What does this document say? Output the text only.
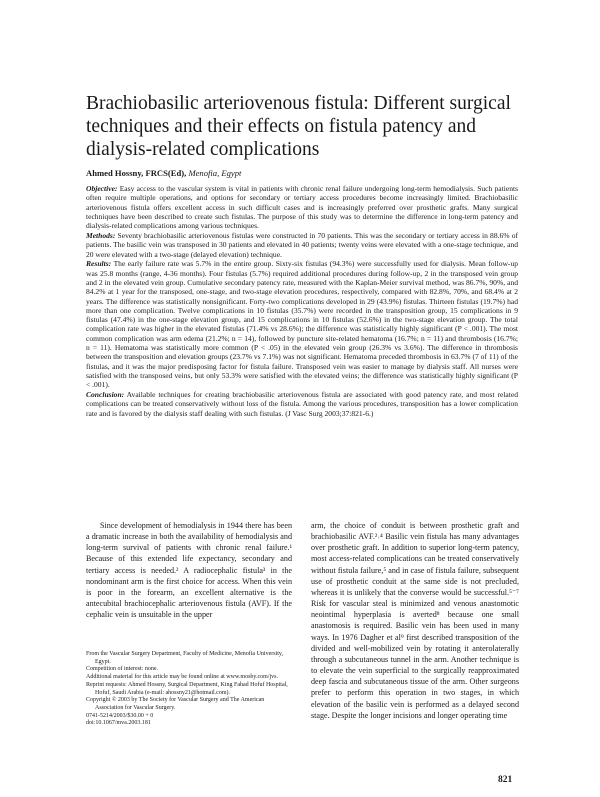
Brachiobasilic arteriovenous fistula: Different surgical techniques and their effects on fistula patency and dialysis-related complications
Ahmed Hossny, FRCS(Ed), Menofia, Egypt

Objective: Easy access to the vascular system is vital in patients with chronic renal failure undergoing long-term hemodialysis. Such patients often require multiple operations, and options for secondary or tertiary access procedures become increasingly limited. Brachiobasilic arteriovenous fistula offers excellent access in such difficult cases and is increasingly preferred over prosthetic grafts. Many surgical techniques have been described to create such fistulas. The purpose of this study was to determine the difference in long-term patency and dialysis-related complications among various techniques.

Methods: Seventy brachiobasilic arteriovenous fistulas were constructed in 70 patients. This was the secondary or tertiary access in 88.6% of patients. The basilic vein was transposed in 30 patients and elevated in 40 patients; twenty veins were elevated with a one-stage technique, and 20 were elevated with a two-stage (delayed elevation) technique.

Results: The early failure rate was 5.7% in the entire group. Sixty-six fistulas (94.3%) were successfully used for dialysis. Mean follow-up was 25.8 months (range, 4-36 months). Four fistulas (5.7%) required additional procedures during follow-up, 2 in the transposed vein group and 2 in the elevated vein group. Cumulative secondary patency rate, measured with the Kaplan-Meier survival method, was 86.7%, 90%, and 84.2% at 1 year for the transposed, one-stage, and two-stage elevation procedures, respectively, compared with 82.8%, 70%, and 68.4% at 2 years. The difference was statistically nonsignificant. Forty-two complications developed in 29 (43.9%) fistulas. Thirteen fistulas (19.7%) had more than one complication. Twelve complications in 10 fistulas (35.7%) were recorded in the transposition group, 15 complications in 9 fistulas (47.4%) in the one-stage elevation group, and 15 complications in 10 fistulas (52.6%) in the two-stage elevation group. The total complication rate was higher in the elevated fistulas (71.4% vs 28.6%); the difference was statistically highly significant (P < .001). The most common complication was arm edema (21.2%; n = 14), followed by puncture site-related hematoma (16.7%; n = 11) and thrombosis (16.7%; n = 11). Hematoma was statistically more common (P < .05) in the elevated vein group (26.3% vs 3.6%). The difference in thrombosis between the transposition and elevation groups (23.7% vs 7.1%) was not significant. Hematoma preceded thrombosis in 63.7% (7 of 11) of the fistulas, and it was the major predisposing factor for fistula failure. Transposed vein was easier to manage by dialysis staff. All nurses were satisfied with the transposed veins, but only 53.3% were satisfied with the elevated veins; the difference was statistically highly significant (P < .001).

Conclusion: Available techniques for creating brachiobasilic arteriovenous fistula are associated with good patency rate, and most related complications can be treated conservatively without loss of the fistula. Among the various procedures, transposition has a lower complication rate and is favored by the dialysis staff dealing with such fistulas. (J Vasc Surg 2003;37:821-6.)

Since development of hemodialysis in 1944 there has been a dramatic increase in both the availability of hemodialysis and long-term survival of patients with chronic renal failure.¹ Because of this extended life expectancy, secondary and tertiary access is needed.² A radiocephalic fistula³ in the nondominant arm is the first choice for access. When this vein is poor in the forearm, an excellent alternative is the antecubital brachiocephalic arteriovenous fistula (AVF). If the cephalic vein is unsuitable in the upper

From the Vascular Surgery Department, Faculty of Medicine, Menofia University, Egypt.
Competition of interest: none.
Additional material for this article may be found online at www.mosby.com/jvs.
Reprint requests: Ahmed Hossny, Surgical Department, King Fahad Hofuf Hospital, Hofuf, Saudi Arabia (e-mail: ahossny21@hotmail.com).
Copyright © 2003 by The Society for Vascular Surgery and The American Association for Vascular Surgery.
0741-5214/2003/$30.00 + 0
doi:10.1067/mva.2003.181

arm, the choice of conduit is between prosthetic graft and brachiobasilic AVF.²˒⁴ Basilic vein fistula has many advantages over prosthetic graft. In addition to superior long-term patency, most access-related complications can be treated conservatively without fistula failure,⁵ and in case of fistula failure, subsequent use of prosthetic conduit at the same side is not precluded, whereas it is unlikely that the converse would be successful.⁵⁻⁷ Risk for vascular steal is minimized and venous anastomotic neointimal hyperplasia is averted⁸ because one small anastomosis is required. Basilic vein has been used in many ways. In 1976 Dagher et al⁹ first described transposition of the divided and well-mobilized vein by rotating it anterolaterally through a subcutaneous tunnel in the arm. Another technique is to elevate the vein superficial to the surgically reapproximated deep fascia and subcutaneous tissue of the arm. Other surgeons prefer to perform this operation in two stages, in which elevation of the basilic vein is performed as a delayed second stage. Despite the longer incisions and longer operating time

821
